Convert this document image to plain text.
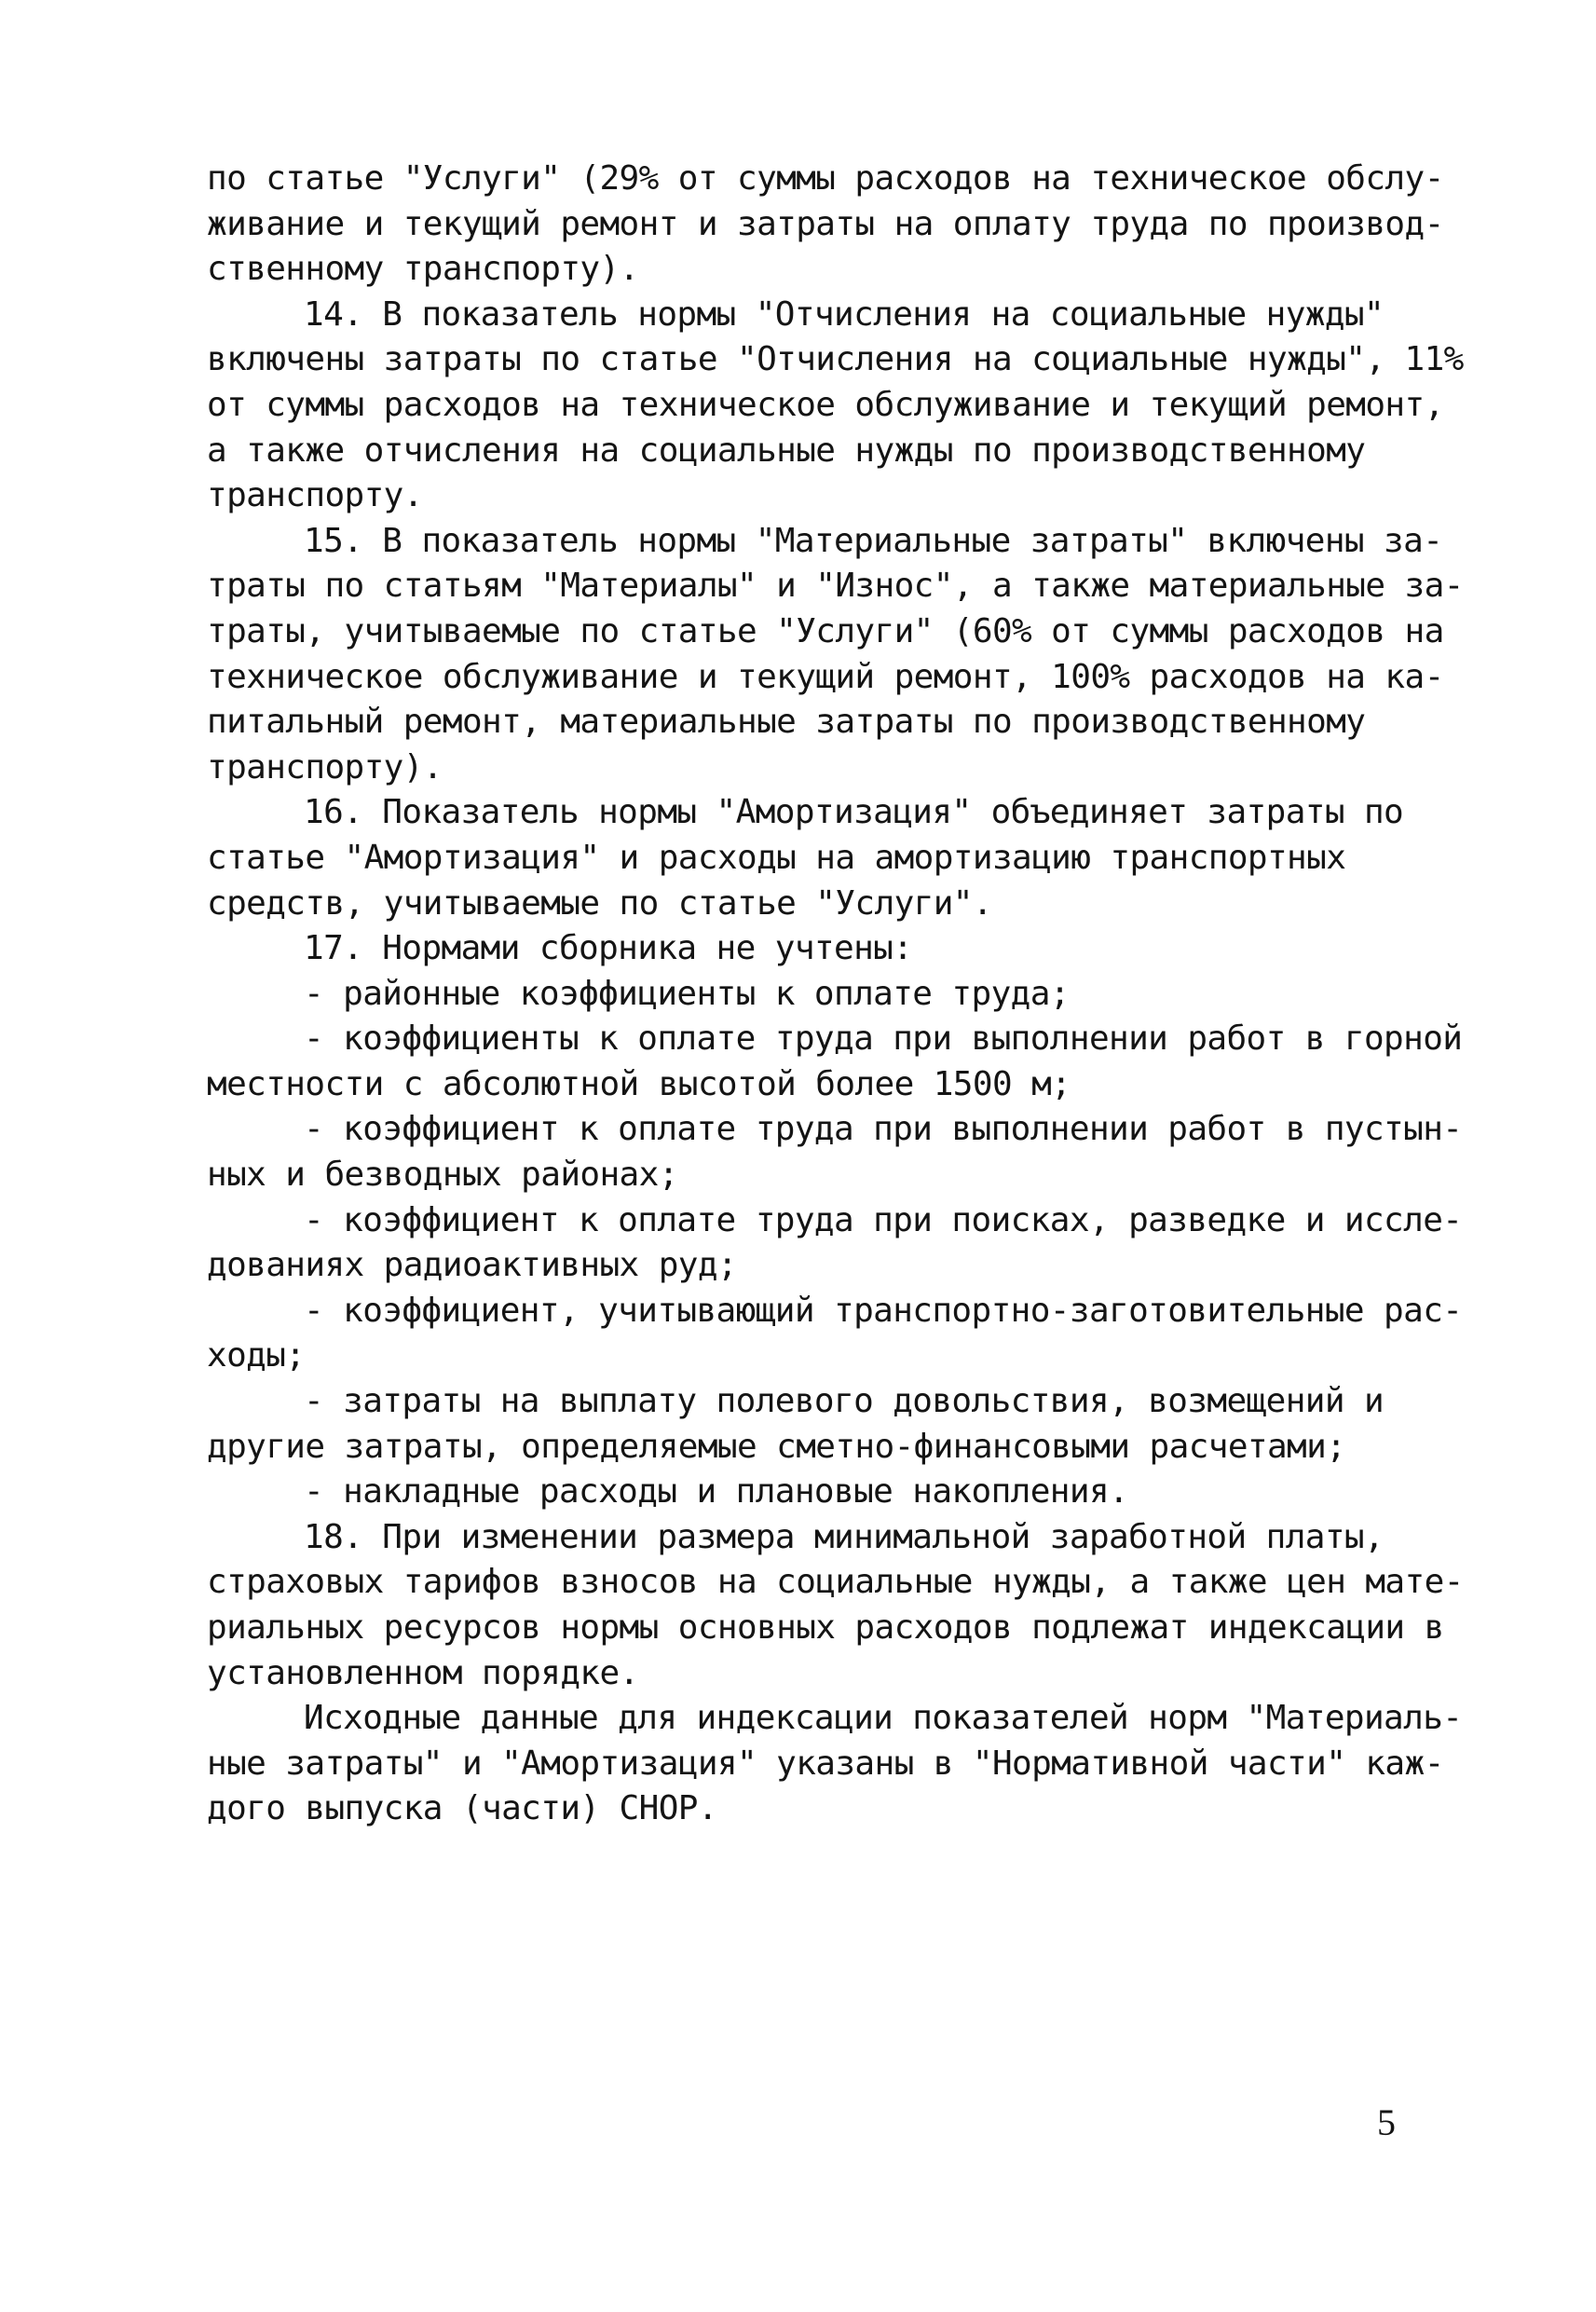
по статье "Услуги" (29% от суммы расходов на техническое обслу-
живание и текущий ремонт и затраты на оплату труда по производ-
ственному транспорту).
14. В показатель нормы "Отчисления на социальные нужды"
включены затраты по статье "Отчисления на социальные нужды", 11%
от суммы расходов на техническое обслуживание и текущий ремонт,
а также отчисления на социальные нужды по производственному
транспорту.
15. В показатель нормы "Материальные затраты" включены за-
траты по статьям "Материалы" и "Износ", а также материальные за-
траты, учитываемые по статье "Услуги" (60% от суммы расходов на
техническое обслуживание и текущий ремонт, 100% расходов на ка-
питальный ремонт, материальные затраты по производственному
транспорту).
16. Показатель нормы "Амортизация" объединяет затраты по
статье "Амортизация" и расходы на амортизацию транспортных
средств, учитываемые по статье "Услуги".
17. Нормами сборника не учтены:
- районные коэффициенты к оплате труда;
- коэффициенты к оплате труда при выполнении работ в горной
местности с абсолютной высотой более 1500 м;
- коэффициент к оплате труда при выполнении работ в пустын-
ных и безводных районах;
- коэффициент к оплате труда при поисках, разведке и иссле-
дованиях радиоактивных руд;
- коэффициент, учитывающий транспортно-заготовительные рас-
ходы;
- затраты на выплату полевого довольствия, возмещений и
другие затраты, определяемые сметно-финансовыми расчетами;
- накладные расходы и плановые накопления.
18. При изменении размера минимальной заработной платы,
страховых тарифов взносов на социальные нужды, а также цен мате-
риальных ресурсов нормы основных расходов подлежат индексации в
установленном порядке.
Исходные данные для индексации показателей норм "Материаль-
ные затраты" и "Амортизация" указаны в "Нормативной части" каж-
дого выпуска (части) СНОР.
5
